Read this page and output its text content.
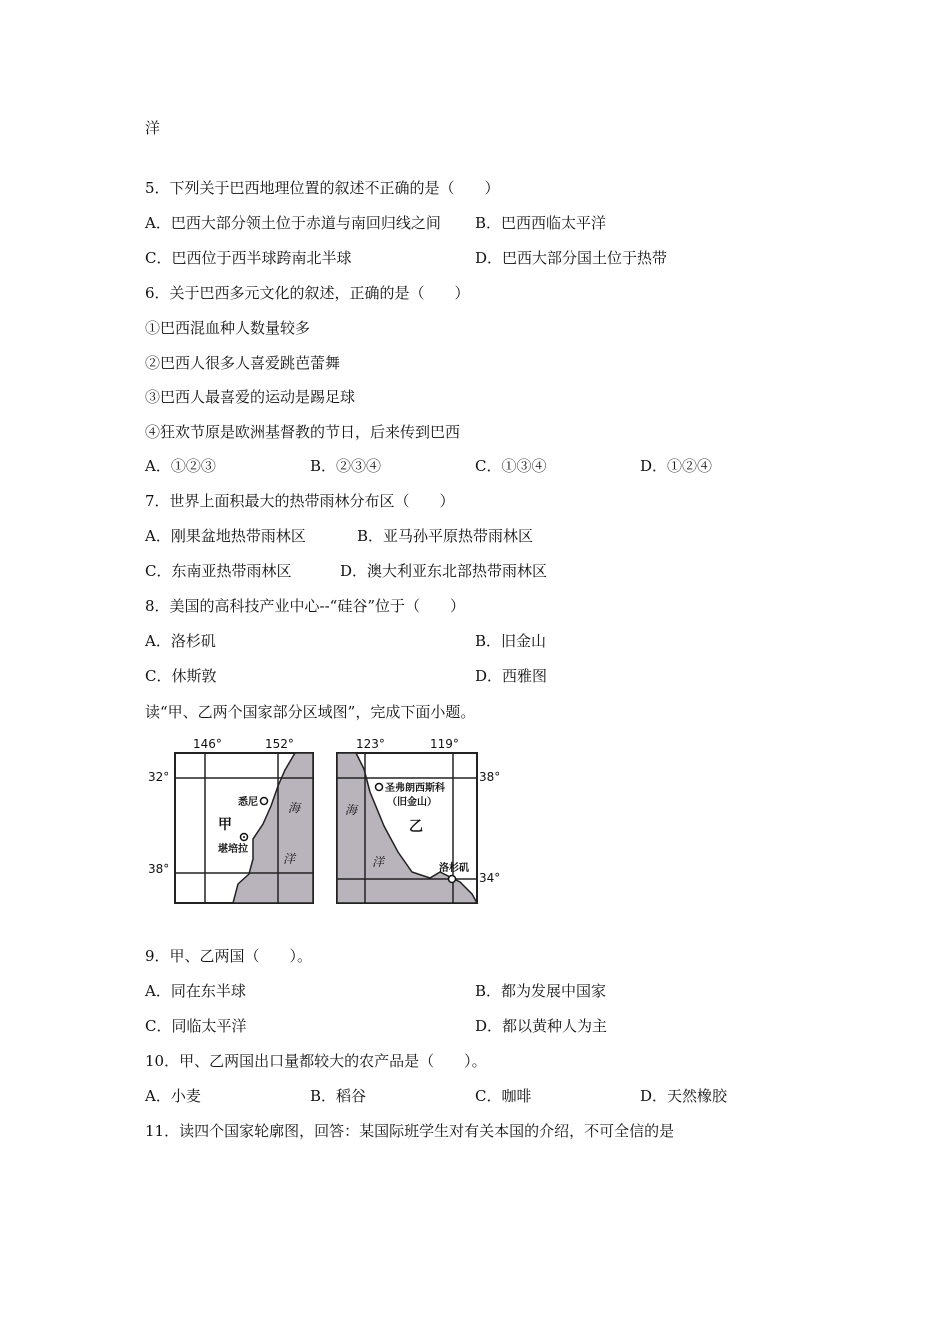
洋
5．下列关于巴西地理位置的叙述不正确的是（　　）
A．巴西大部分领土位于赤道与南回归线之间 B．巴西西临太平洋
C．巴西位于西半球跨南北半球	D．巴西大部分国土位于热带
6．关于巴西多元文化的叙述，正确的是（　　）
①巴西混血种人数量较多
②巴西人很多人喜爱跳芭蕾舞
③巴西人最喜爱的运动是踢足球
④狂欢节原是欧洲基督教的节日，后来传到巴西
A．①②③	B．②③④	C．①③④	D．①②④
7．世界上面积最大的热带雨林分布区（　　）
A．刚果盆地热带雨林区	B．亚马孙平原热带雨林区
C．东南亚热带雨林区	D．澳大利亚东北部热带雨林区
8．美国的高科技产业中心--“硅谷”位于（　　）
A．洛杉矶	B．旧金山
C．休斯敦	D．西雅图
读“甲、乙两个国家部分区域图”，完成下面小题。
146°	152°
32°
38°
悉尼
堪培拉
甲
海
洋
123°	119°
38°
34°
圣弗朗西斯科
（旧金山）
洛杉矶
乙
海
洋
9．甲、乙两国（　　）。
A．同在东半球	B．都为发展中国家
C．同临太平洋	D．都以黄种人为主
10．甲、乙两国出口量都较大的农产品是（　　）。
A．小麦	B．稻谷	C．咖啡	D．天然橡胶
11．读四个国家轮廓图，回答：某国际班学生对有关本国的介绍，不可全信的是
